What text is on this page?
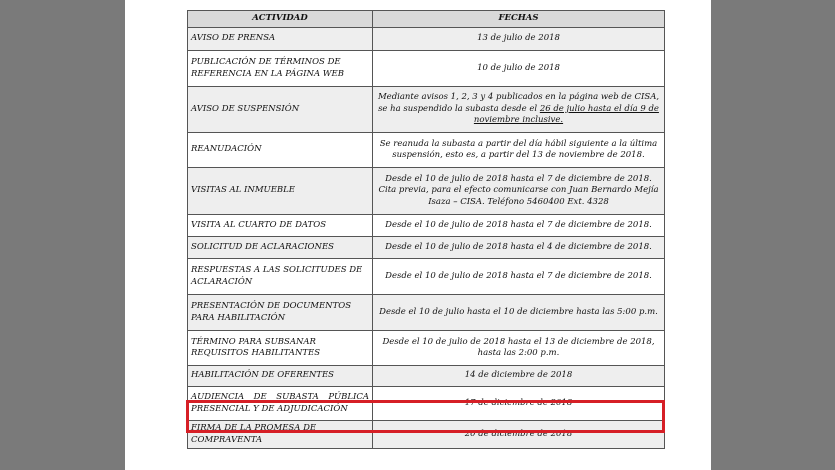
ACTIVIDAD	FECHAS
AVISO DE PRENSA	13 de julio de 2018
PUBLICACIÓN DE TÉRMINOS DE REFERENCIA EN LA PÁGINA WEB	10 de julio de 2018
AVISO DE SUSPENSIÓN	Mediante avisos 1, 2, 3 y 4 publicados en la página web de CISA, se ha suspendido la subasta desde el 26 de julio hasta el día 9 de noviembre inclusive.
REANUDACIÓN	Se reanuda la subasta a partir del día hábil siguiente a la última suspensión, esto es, a partir del 13 de noviembre de 2018.
VISITAS AL INMUEBLE	Desde el 10 de julio de 2018 hasta el 7 de diciembre de 2018. Cita previa, para el efecto comunicarse con Juan Bernardo Mejía Isaza – CISA. Teléfono 5460400 Ext. 4328
VISITA AL CUARTO DE DATOS	Desde el 10 de julio de 2018 hasta el 7 de diciembre de 2018.
SOLICITUD DE ACLARACIONES	Desde el 10 de julio de 2018 hasta el 4 de diciembre de 2018.
RESPUESTAS A LAS SOLICITUDES DE ACLARACIÓN	Desde el 10 de julio de 2018 hasta el 7 de diciembre de 2018.
PRESENTACIÓN DE DOCUMENTOS PARA HABILITACIÓN	Desde el 10 de julio hasta el 10 de diciembre hasta las 5:00 p.m.
TÉRMINO PARA SUBSANAR REQUISITOS HABILITANTES	Desde el 10 de julio de 2018 hasta el 13 de diciembre de 2018, hasta las 2:00 p.m.
HABILITACIÓN DE OFERENTES	14 de diciembre de 2018
AUDIENCIA DE SUBASTA PÚBLICA PRESENCIAL Y DE ADJUDICACIÓN	17 de diciembre de 2018
FIRMA DE LA PROMESA DE COMPRAVENTA	20 de diciembre de 2018
